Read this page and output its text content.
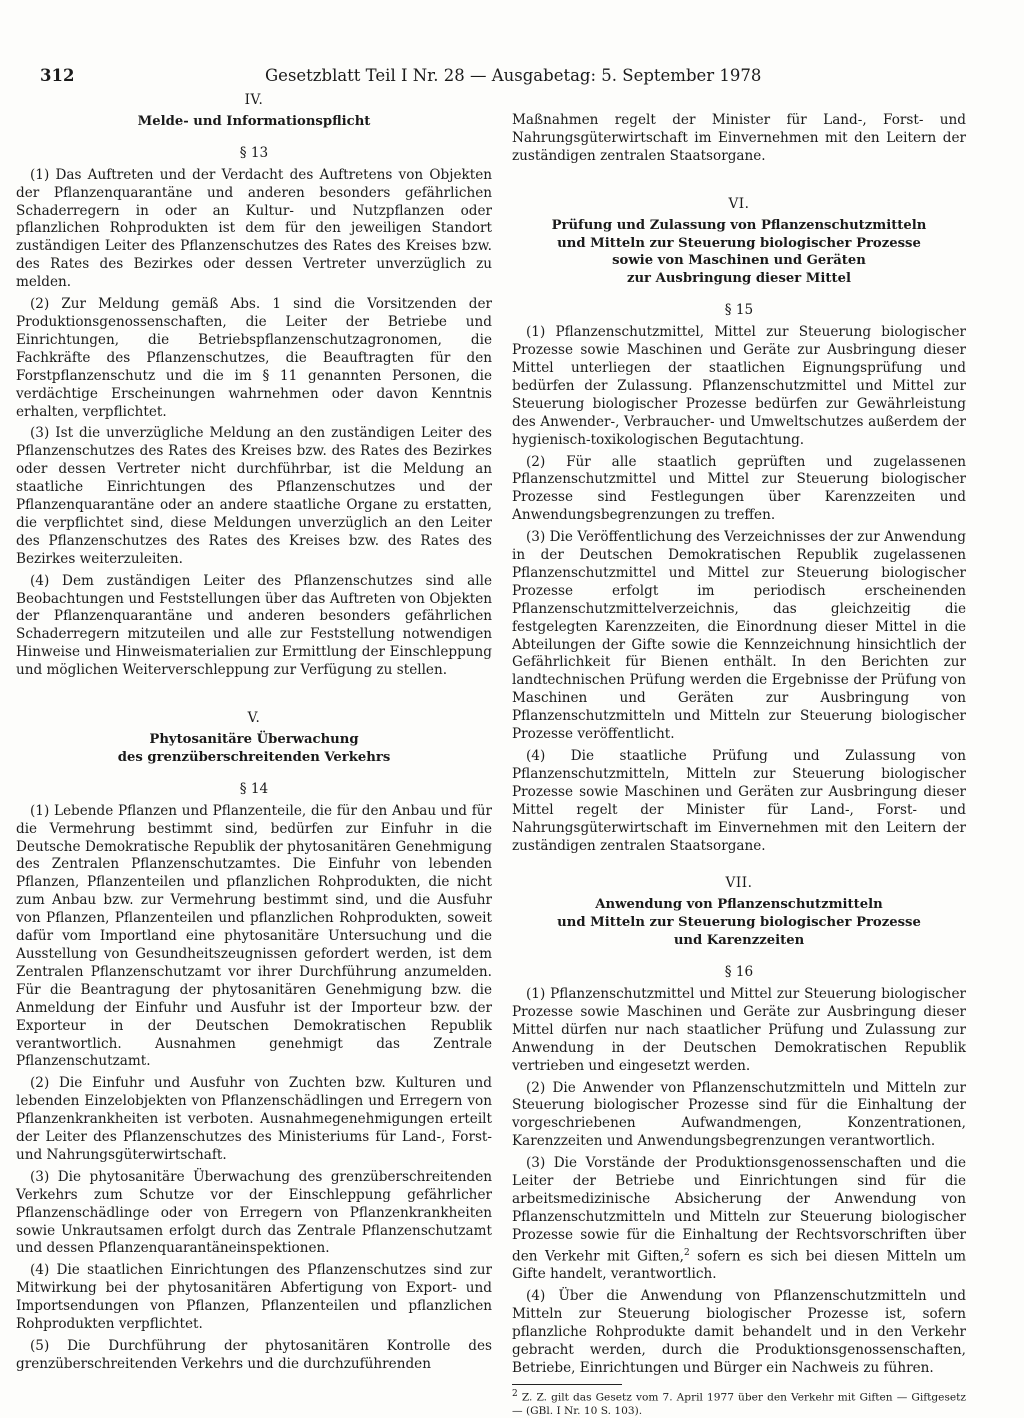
312	Gesetzblatt Teil I Nr. 28 — Ausgabetag: 5. September 1978
IV.
Melde- und Informationspflicht
§ 13

(1) Das Auftreten und der Verdacht des Auftretens von Objekten der Pflanzenquarantäne und anderen besonders gefährlichen Schaderregern in oder an Kultur- und Nutzpflanzen oder pflanzlichen Rohprodukten ist dem für den jeweiligen Standort zuständigen Leiter des Pflanzenschutzes des Rates des Kreises bzw. des Rates des Bezirkes oder dessen Vertreter unverzüglich zu melden.

(2) Zur Meldung gemäß Abs. 1 sind die Vorsitzenden der Produktionsgenossenschaften, die Leiter der Betriebe und Einrichtungen, die Betriebspflanzenschutzagronomen, die Fachkräfte des Pflanzenschutzes, die Beauftragten für den Forstpflanzenschutz und die im § 11 genannten Personen, die verdächtige Erscheinungen wahrnehmen oder davon Kenntnis erhalten, verpflichtet.

(3) Ist die unverzügliche Meldung an den zuständigen Leiter des Pflanzenschutzes des Rates des Kreises bzw. des Rates des Bezirkes oder dessen Vertreter nicht durchführbar, ist die Meldung an staatliche Einrichtungen des Pflanzenschutzes und der Pflanzenquarantäne oder an andere staatliche Organe zu erstatten, die verpflichtet sind, diese Meldungen unverzüglich an den Leiter des Pflanzenschutzes des Rates des Kreises bzw. des Rates des Bezirkes weiterzuleiten.

(4) Dem zuständigen Leiter des Pflanzenschutzes sind alle Beobachtungen und Feststellungen über das Auftreten von Objekten der Pflanzenquarantäne und anderen besonders gefährlichen Schaderregern mitzuteilen und alle zur Feststellung notwendigen Hinweise und Hinweismaterialien zur Ermittlung der Einschleppung und möglichen Weiterverschleppung zur Verfügung zu stellen.

V.
Phytosanitäre Überwachung
des grenzüberschreitenden Verkehrs
§ 14

(1) Lebende Pflanzen und Pflanzenteile, die für den Anbau und für die Vermehrung bestimmt sind, bedürfen zur Einfuhr in die Deutsche Demokratische Republik der phytosanitären Genehmigung des Zentralen Pflanzenschutzamtes. Die Einfuhr von lebenden Pflanzen, Pflanzenteilen und pflanzlichen Rohprodukten, die nicht zum Anbau bzw. zur Vermehrung bestimmt sind, und die Ausfuhr von Pflanzen, Pflanzenteilen und pflanzlichen Rohprodukten, soweit dafür vom Importland eine phytosanitäre Untersuchung und die Ausstellung von Gesundheitszeugnissen gefordert werden, ist dem Zentralen Pflanzenschutzamt vor ihrer Durchführung anzumelden. Für die Beantragung der phytosanitären Genehmigung bzw. die Anmeldung der Einfuhr und Ausfuhr ist der Importeur bzw. der Exporteur in der Deutschen Demokratischen Republik verantwortlich. Ausnahmen genehmigt das Zentrale Pflanzenschutzamt.

(2) Die Einfuhr und Ausfuhr von Zuchten bzw. Kulturen und lebenden Einzelobjekten von Pflanzenschädlingen und Erregern von Pflanzenkrankheiten ist verboten. Ausnahmegenehmigungen erteilt der Leiter des Pflanzenschutzes des Ministeriums für Land-, Forst- und Nahrungsgüterwirtschaft.

(3) Die phytosanitäre Überwachung des grenzüberschreitenden Verkehrs zum Schutze vor der Einschleppung gefährlicher Pflanzenschädlinge oder von Erregern von Pflanzenkrankheiten sowie Unkrautsamen erfolgt durch das Zentrale Pflanzenschutzamt und dessen Pflanzenquarantäneinspektionen.

(4) Die staatlichen Einrichtungen des Pflanzenschutzes sind zur Mitwirkung bei der phytosanitären Abfertigung von Export- und Importsendungen von Pflanzen, Pflanzenteilen und pflanzlichen Rohprodukten verpflichtet.

(5) Die Durchführung der phytosanitären Kontrolle des grenzüberschreitenden Verkehrs und die durchzuführenden

Maßnahmen regelt der Minister für Land-, Forst- und Nahrungsgüterwirtschaft im Einvernehmen mit den Leitern der zuständigen zentralen Staatsorgane.

VI.
Prüfung und Zulassung von Pflanzenschutzmitteln
und Mitteln zur Steuerung biologischer Prozesse
sowie von Maschinen und Geräten
zur Ausbringung dieser Mittel
§ 15

(1) Pflanzenschutzmittel, Mittel zur Steuerung biologischer Prozesse sowie Maschinen und Geräte zur Ausbringung dieser Mittel unterliegen der staatlichen Eignungsprüfung und bedürfen der Zulassung. Pflanzenschutzmittel und Mittel zur Steuerung biologischer Prozesse bedürfen zur Gewährleistung des Anwender-, Verbraucher- und Umweltschutzes außerdem der hygienisch-toxikologischen Begutachtung.

(2) Für alle staatlich geprüften und zugelassenen Pflanzenschutzmittel und Mittel zur Steuerung biologischer Prozesse sind Festlegungen über Karenzzeiten und Anwendungsbegrenzungen zu treffen.

(3) Die Veröffentlichung des Verzeichnisses der zur Anwendung in der Deutschen Demokratischen Republik zugelassenen Pflanzenschutzmittel und Mittel zur Steuerung biologischer Prozesse erfolgt im periodisch erscheinenden Pflanzenschutzmittelverzeichnis, das gleichzeitig die festgelegten Karenzzeiten, die Einordnung dieser Mittel in die Abteilungen der Gifte sowie die Kennzeichnung hinsichtlich der Gefährlichkeit für Bienen enthält. In den Berichten zur landtechnischen Prüfung werden die Ergebnisse der Prüfung von Maschinen und Geräten zur Ausbringung von Pflanzenschutzmitteln und Mitteln zur Steuerung biologischer Prozesse veröffentlicht.

(4) Die staatliche Prüfung und Zulassung von Pflanzenschutzmitteln, Mitteln zur Steuerung biologischer Prozesse sowie Maschinen und Geräten zur Ausbringung dieser Mittel regelt der Minister für Land-, Forst- und Nahrungsgüterwirtschaft im Einvernehmen mit den Leitern der zuständigen zentralen Staatsorgane.

VII.
Anwendung von Pflanzenschutzmitteln
und Mitteln zur Steuerung biologischer Prozesse
und Karenzzeiten
§ 16

(1) Pflanzenschutzmittel und Mittel zur Steuerung biologischer Prozesse sowie Maschinen und Geräte zur Ausbringung dieser Mittel dürfen nur nach staatlicher Prüfung und Zulassung zur Anwendung in der Deutschen Demokratischen Republik vertrieben und eingesetzt werden.

(2) Die Anwender von Pflanzenschutzmitteln und Mitteln zur Steuerung biologischer Prozesse sind für die Einhaltung der vorgeschriebenen Aufwandmengen, Konzentrationen, Karenzzeiten und Anwendungsbegrenzungen verantwortlich.

(3) Die Vorstände der Produktionsgenossenschaften und die Leiter der Betriebe und Einrichtungen sind für die arbeitsmedizinische Absicherung der Anwendung von Pflanzenschutzmitteln und Mitteln zur Steuerung biologischer Prozesse sowie für die Einhaltung der Rechtsvorschriften über den Verkehr mit Giften,$^2$ sofern es sich bei diesen Mitteln um Gifte handelt, verantwortlich.

(4) Über die Anwendung von Pflanzenschutzmitteln und Mitteln zur Steuerung biologischer Prozesse ist, sofern pflanzliche Rohprodukte damit behandelt und in den Verkehr gebracht werden, durch die Produktionsgenossenschaften, Betriebe, Einrichtungen und Bürger ein Nachweis zu führen.

$^2$ Z. Z. gilt das Gesetz vom 7. April 1977 über den Verkehr mit Giften — Giftgesetz — (GBl. I Nr. 10 S. 103).
